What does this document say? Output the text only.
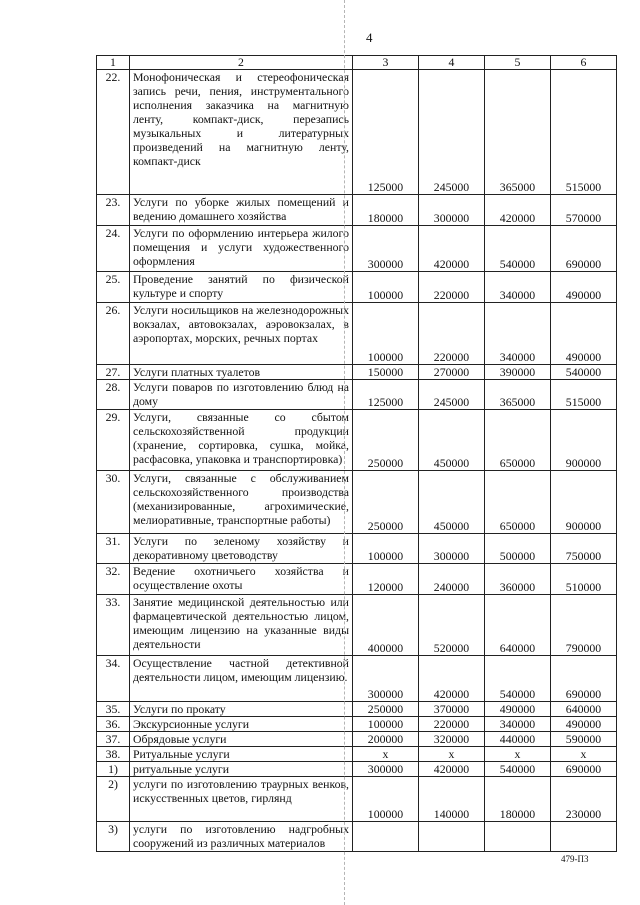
4
1	2	3	4	5	6
22.	Монофоническая и стереофоническая запись речи, пения, инструментального исполнения заказчика на магнитную ленту, компакт-диск, перезапись музыкальных и литературных произведений на магнитную ленту, компакт-диск	125000	245000	365000	515000
23.	Услуги по уборке жилых помещений и ведению домашнего хозяйства	180000	300000	420000	570000
24.	Услуги по оформлению интерьера жилого помещения и услуги художественного оформления	300000	420000	540000	690000
25.	Проведение занятий по физической культуре и спорту	100000	220000	340000	490000
26.	Услуги носильщиков на железнодорожных вокзалах, автовокзалах, аэровокзалах, в аэропортах, морских, речных портах	100000	220000	340000	490000
27.	Услуги платных туалетов	150000	270000	390000	540000
28.	Услуги поваров по изготовлению блюд на дому	125000	245000	365000	515000
29.	Услуги, связанные со сбытом сельскохозяйственной продукции (хранение, сортировка, сушка, мойка, расфасовка, упаковка и транспортировка)	250000	450000	650000	900000
30.	Услуги, связанные с обслуживанием сельскохозяйственного производства (механизированные, агрохимические, мелиоративные, транспортные работы)	250000	450000	650000	900000
31.	Услуги по зеленому хозяйству и декоративному цветоводству	100000	300000	500000	750000
32.	Ведение охотничьего хозяйства и осуществление охоты	120000	240000	360000	510000
33.	Занятие медицинской деятельностью или фармацевтической деятельностью лицом, имеющим лицензию на указанные виды деятельности	400000	520000	640000	790000
34.	Осуществление частной детективной деятельности лицом, имеющим лицензию.	300000	420000	540000	690000
35.	Услуги по прокату	250000	370000	490000	640000
36.	Экскурсионные услуги	100000	220000	340000	490000
37.	Обрядовые услуги	200000	320000	440000	590000
38.	Ритуальные услуги	х	х	х	х
1)	ритуальные услуги	300000	420000	540000	690000
2)	услуги по изготовлению траурных венков, искусственных цветов, гирлянд	100000	140000	180000	230000
3)	услуги по изготовлению надгробных сооружений из различных материалов				
479-П3
